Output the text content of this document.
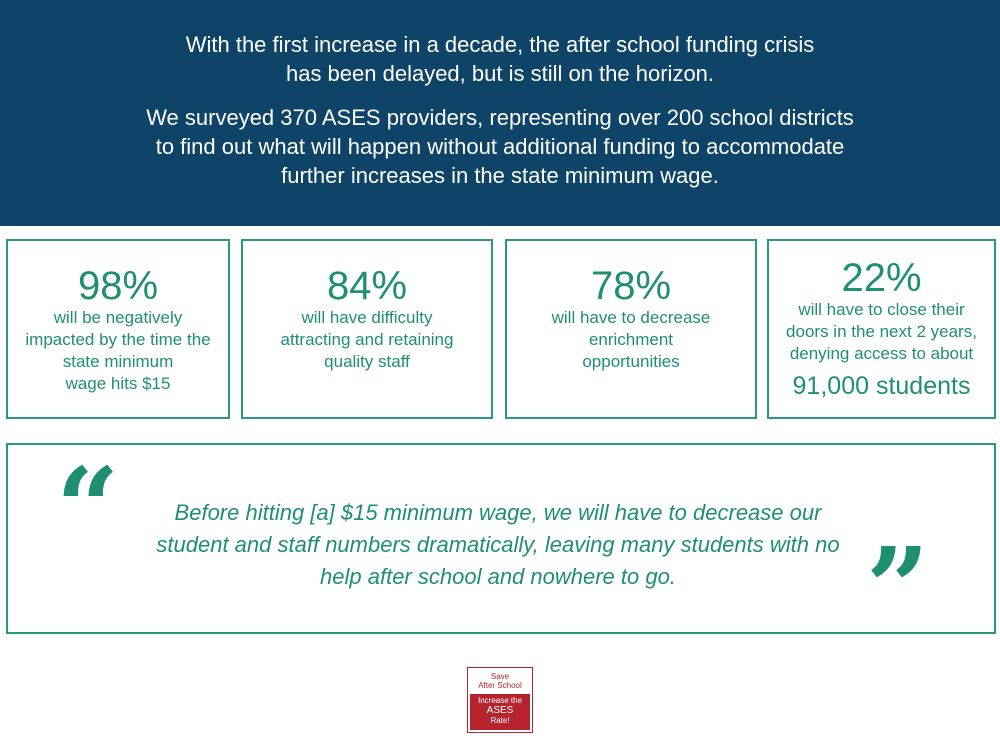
With the first increase in a decade, the after school funding crisis

has been delayed, but is still on the horizon.

We surveyed 370 ASES providers, representing over 200 school districts

to find out what will happen without additional funding to accommodate

further increases in the state minimum wage.

98%
will be negatively
impacted by the time the
state minimum
wage hits $15
84%
will have difficulty
attracting and retaining
quality staff
78%
will have to decrease
enrichment
opportunities
22%
will have to close their
doors in the next 2 years,
denying access to about
91,000 students
“	Before hitting [a] $15 minimum wage, we will have to decrease our
student and staff numbers dramatically, leaving many students with no
help after school and nowhere to go.	”
Save
After School
Increase the
ASES
Rate!
